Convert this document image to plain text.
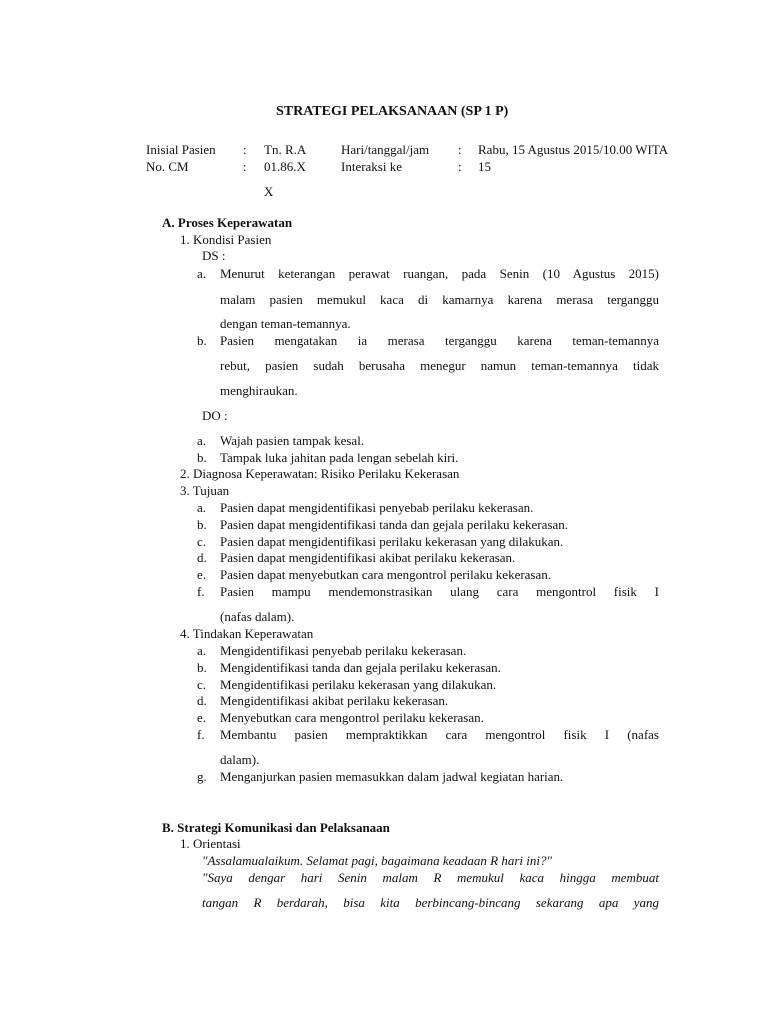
STRATEGI PELAKSANAAN (SP 1 P)
Inisial Pasien : Tn. R.A	Hari/tanggal/jam : Rabu, 15 Agustus 2015/10.00 WITA
No. CM	: 01.86.X	Interaksi ke	: 15
X
A. Proses Keperawatan
1. Kondisi Pasien
DS :
a. Menurut keterangan perawat ruangan, pada Senin (10 Agustus 2015)
malam pasien memukul kaca di kamarnya karena merasa terganggu
dengan teman-temannya.
b. Pasien mengatakan ia merasa terganggu karena teman-temannya
rebut, pasien sudah berusaha menegur namun teman-temannya tidak
menghiraukan.
DO :
a. Wajah pasien tampak kesal.
b. Tampak luka jahitan pada lengan sebelah kiri.
2. Diagnosa Keperawatan: Risiko Perilaku Kekerasan
3. Tujuan
a. Pasien dapat mengidentifikasi penyebab perilaku kekerasan.
b. Pasien dapat mengidentifikasi tanda dan gejala perilaku kekerasan.
c. Pasien dapat mengidentifikasi perilaku kekerasan yang dilakukan.
d. Pasien dapat mengidentifikasi akibat perilaku kekerasan.
e. Pasien dapat menyebutkan cara mengontrol perilaku kekerasan.
f. Pasien mampu mendemonstrasikan ulang cara mengontrol fisik I
(nafas dalam).
4. Tindakan Keperawatan
a. Mengidentifikasi penyebab perilaku kekerasan.
b. Mengidentifikasi tanda dan gejala perilaku kekerasan.
c. Mengidentifikasi perilaku kekerasan yang dilakukan.
d. Mengidentifikasi akibat perilaku kekerasan.
e. Menyebutkan cara mengontrol perilaku kekerasan.
f. Membantu pasien mempraktikkan cara mengontrol fisik I (nafas
dalam).
g. Menganjurkan pasien memasukkan dalam jadwal kegiatan harian.
B. Strategi Komunikasi dan Pelaksanaan
1. Orientasi
"Assalamualaikum. Selamat pagi, bagaimana keadaan R hari ini?"
"Saya dengar hari Senin malam R memukul kaca hingga membuat
tangan R berdarah, bisa kita berbincang-bincang sekarang apa yang
